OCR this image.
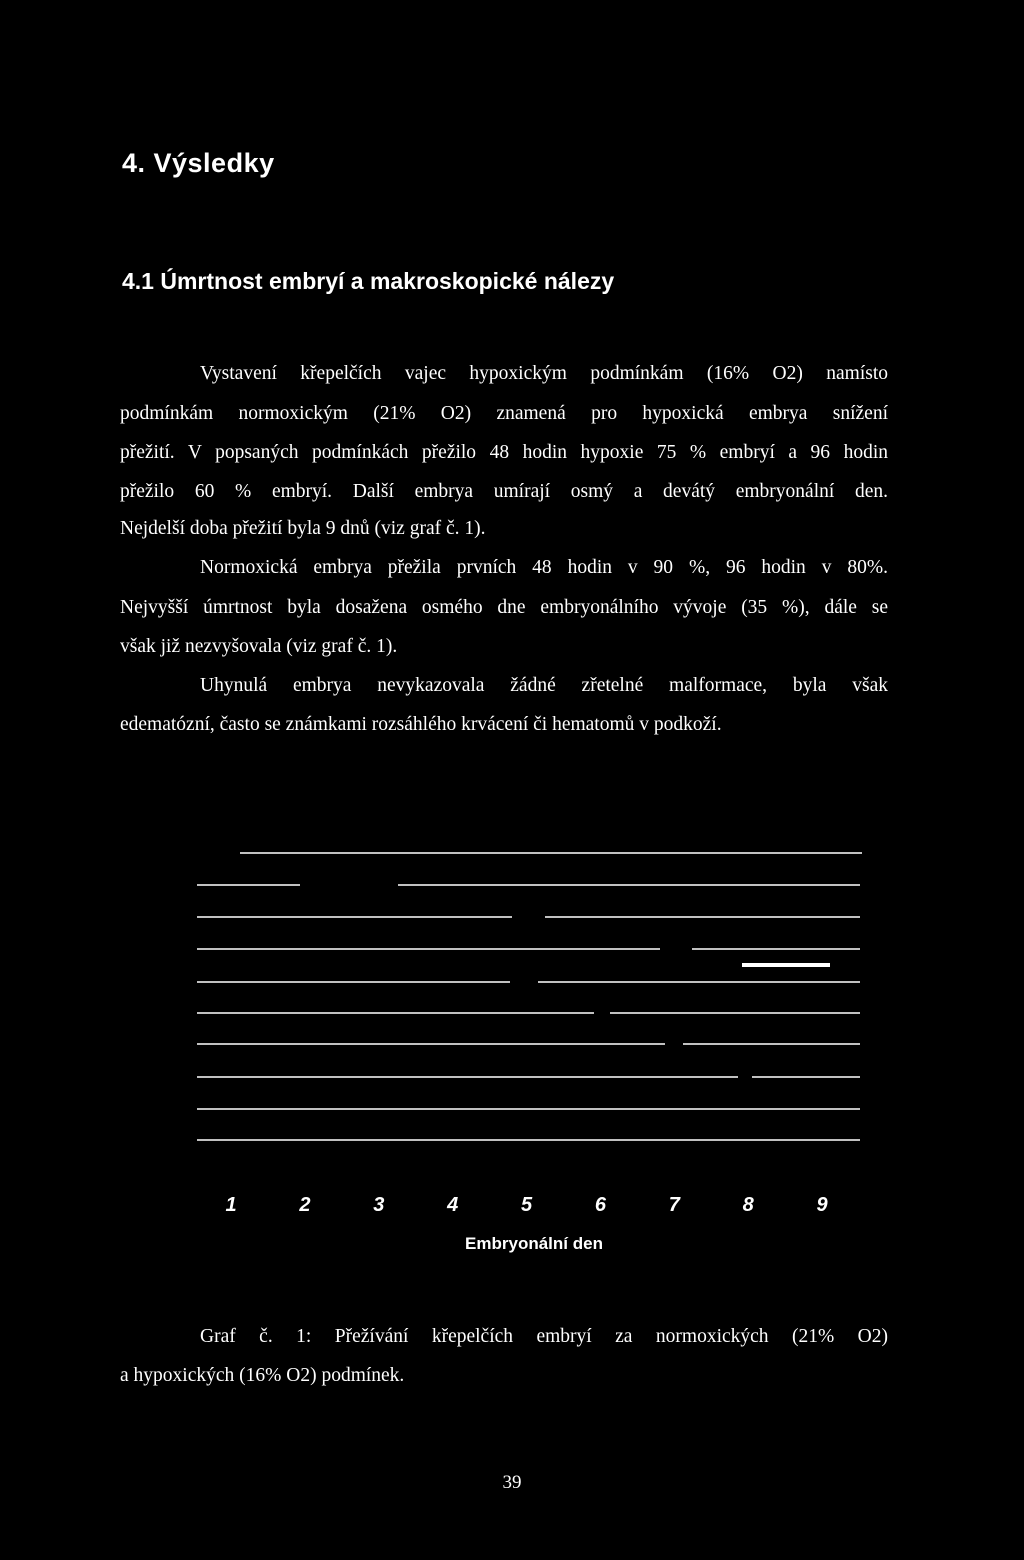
4. Výsledky
4.1 Úmrtnost embryí a makroskopické nálezy
Vystavení křepelčích vajec hypoxickým podmínkám (16% O2) namísto
podmínkám normoxickým (21% O2) znamená pro hypoxická embrya snížení
přežití. V popsaných podmínkách přežilo 48 hodin hypoxie 75 % embryí a 96 hodin
přežilo 60 % embryí. Další embrya umírají osmý a devátý embryonální den.
Nejdelší doba přežití byla 9 dnů (viz graf č. 1).
Normoxická embrya přežila prvních 48 hodin v 90 %, 96 hodin v 80%.
Nejvyšší úmrtnost byla dosažena osmého dne embryonálního vývoje (35 %), dále se
však již nezvyšovala (viz graf č. 1).
Uhynulá embrya nevykazovala žádné zřetelné malformace, byla však
edematózní, často se známkami rozsáhlého krvácení či hematomů v podkoží.
1	2	3	4	5	6	7	8	9
Embryonální den
Graf č. 1: Přežívání křepelčích embryí za normoxických (21% O2)
a hypoxických (16% O2) podmínek.
39
